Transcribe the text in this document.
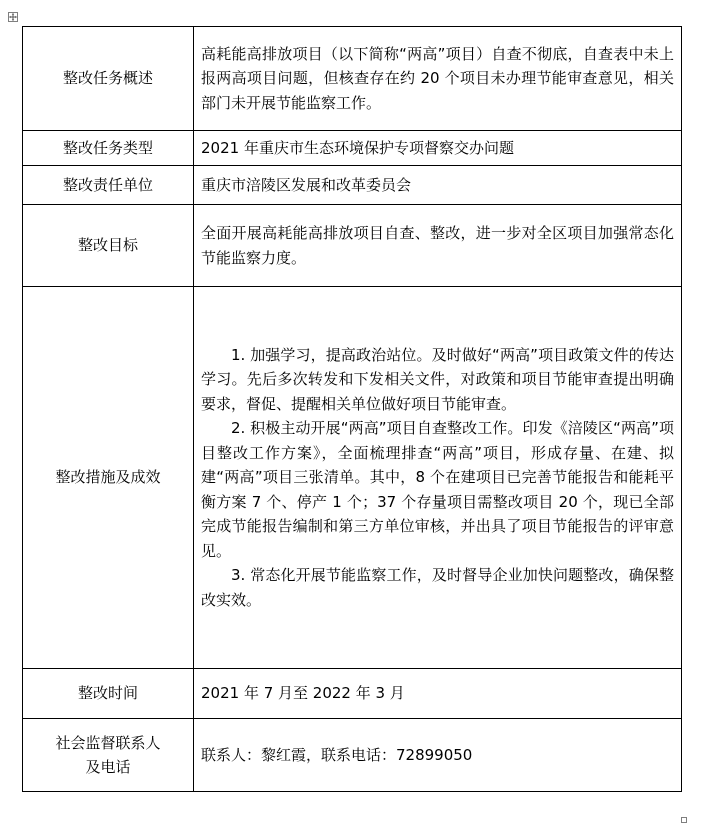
整改任务概述	高耗能高排放项目（以下简称“两高”项目）自查不彻底，自查表中未上报两高项目问题，但核查存在约 20 个项目未办理节能审查意见，相关部门未开展节能监察工作。
整改任务类型	2021 年重庆市生态环境保护专项督察交办问题
整改责任单位	重庆市涪陵区发展和改革委员会
整改目标	全面开展高耗能高排放项目自查、整改，进一步对全区项目加强常态化节能监察力度。
整改措施及成效	1. 加强学习，提高政治站位。及时做好“两高”项目政策文件的传达学习。先后多次转发和下发相关文件，对政策和项目节能审查提出明确要求，督促、提醒相关单位做好项目节能审查。

2. 积极主动开展“两高”项目自查整改工作。印发《涪陵区“两高”项目整改工作方案》，全面梳理排查“两高”项目，形成存量、在建、拟建“两高”项目三张清单。其中，8 个在建项目已完善节能报告和能耗平衡方案 7 个、停产 1 个；37 个存量项目需整改项目 20 个，现已全部完成节能报告编制和第三方单位审核，并出具了项目节能报告的评审意见。

3. 常态化开展节能监察工作，及时督导企业加快问题整改，确保整改实效。

整改时间	2021 年 7 月至 2022 年 3 月

社会监督联系人
及电话	联系人：黎红霞，联系电话：72899050
